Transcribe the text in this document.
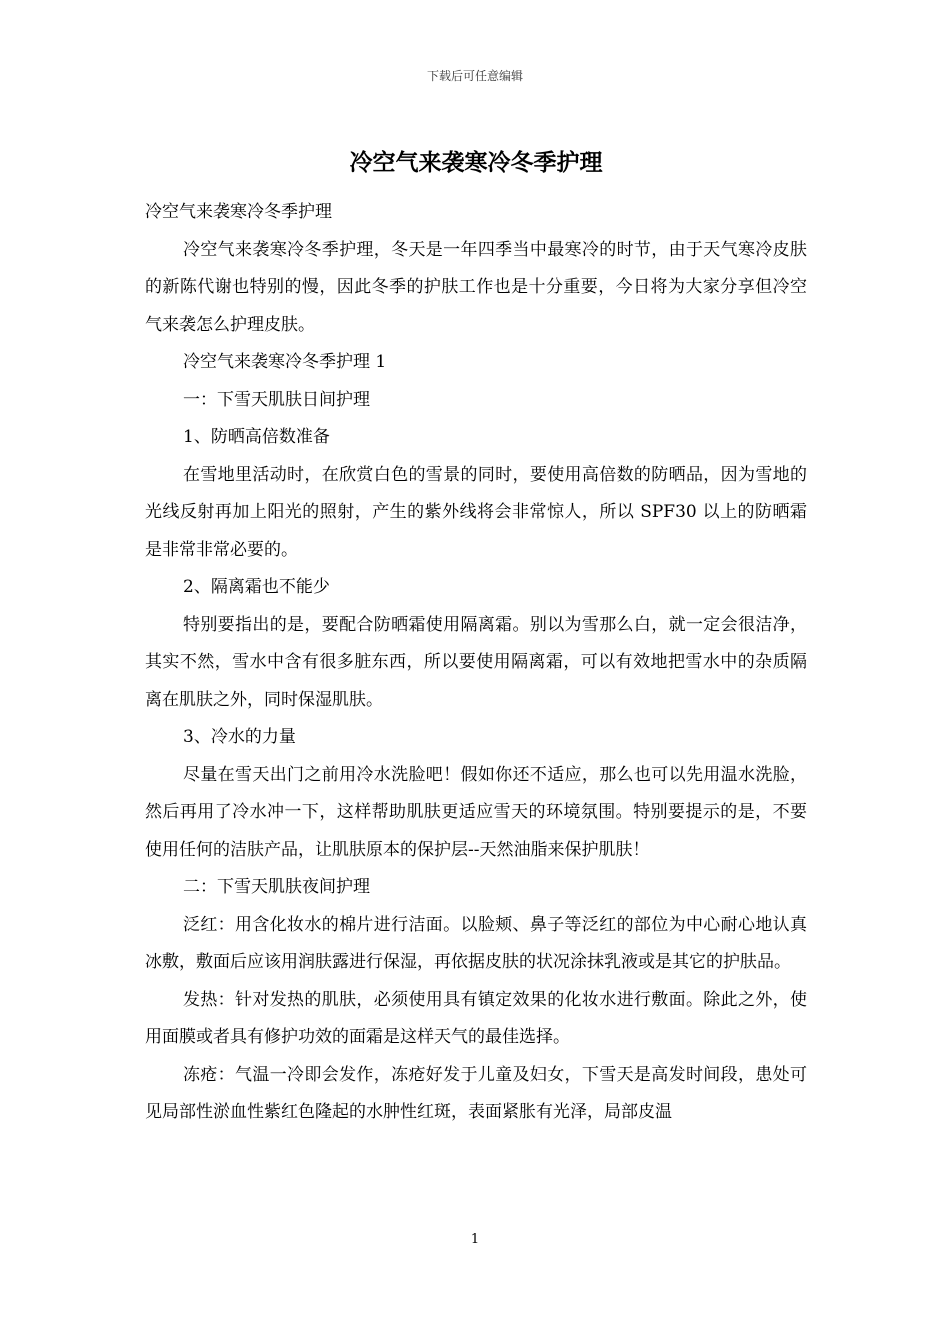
下载后可任意编辑
冷空气来袭寒冷冬季护理

冷空气来袭寒冷冬季护理

冷空气来袭寒冷冬季护理，冬天是一年四季当中最寒冷的时节，由于天气寒冷皮肤的新陈代谢也特别的慢，因此冬季的护肤工作也是十分重要，今日将为大家分享但冷空气来袭怎么护理皮肤。

冷空气来袭寒冷冬季护理 1

一：下雪天肌肤日间护理

1、防晒高倍数准备

在雪地里活动时，在欣赏白色的雪景的同时，要使用高倍数的防晒品，因为雪地的光线反射再加上阳光的照射，产生的紫外线将会非常惊人，所以 SPF30 以上的防晒霜是非常非常必要的。

2、隔离霜也不能少

特别要指出的是，要配合防晒霜使用隔离霜。别以为雪那么白，就一定会很洁净，其实不然，雪水中含有很多脏东西，所以要使用隔离霜，可以有效地把雪水中的杂质隔离在肌肤之外，同时保湿肌肤。

3、冷水的力量

尽量在雪天出门之前用冷水洗脸吧！假如你还不适应，那么也可以先用温水洗脸，然后再用了冷水冲一下，这样帮助肌肤更适应雪天的环境氛围。特别要提示的是，不要使用任何的洁肤产品，让肌肤原本的保护层--天然油脂来保护肌肤！

二：下雪天肌肤夜间护理

泛红：用含化妆水的棉片进行洁面。以脸颊、鼻子等泛红的部位为中心耐心地认真冰敷，敷面后应该用润肤露进行保湿，再依据皮肤的状况涂抹乳液或是其它的护肤品。

发热：针对发热的肌肤，必须使用具有镇定效果的化妆水进行敷面。除此之外，使用面膜或者具有修护功效的面霜是这样天气的最佳选择。

冻疮：气温一冷即会发作，冻疮好发于儿童及妇女，下雪天是高发时间段，患处可见局部性淤血性紫红色隆起的水肿性红斑，表面紧胀有光泽，局部皮温

1
